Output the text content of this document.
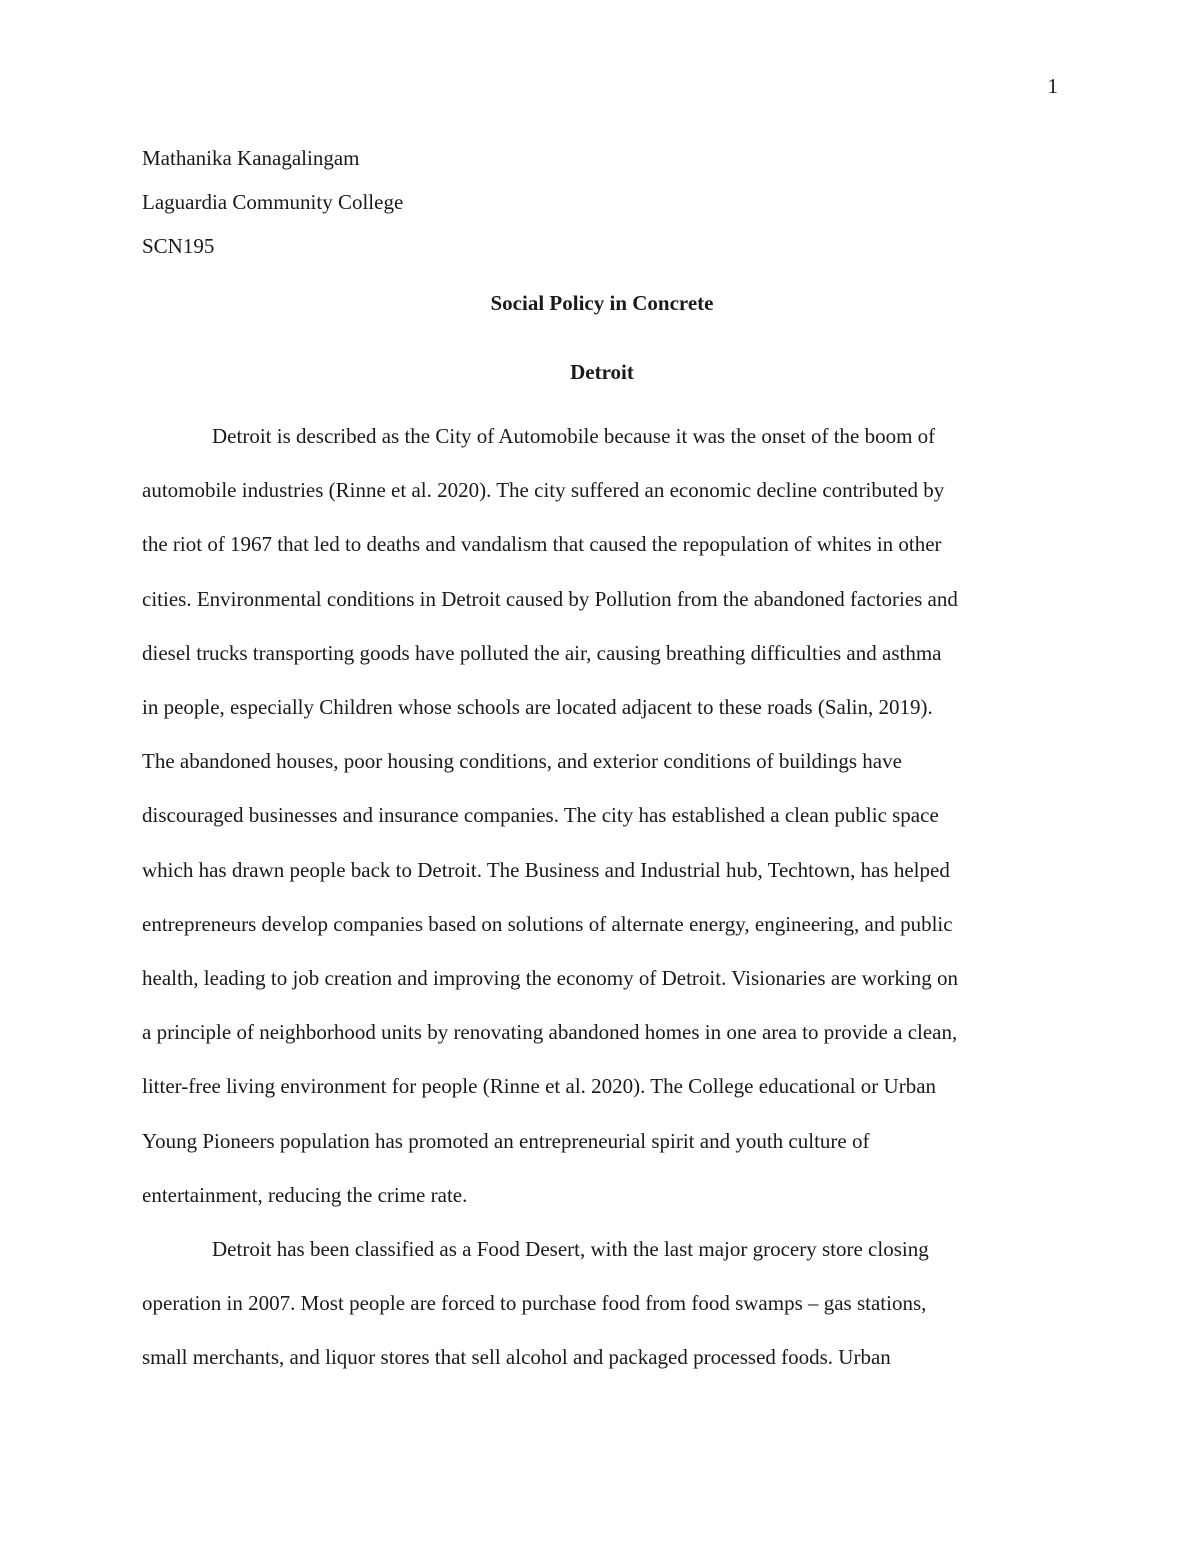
1
Mathanika Kanagalingam
Laguardia Community College
SCN195
Social Policy in Concrete
Detroit
Detroit is described as the City of Automobile because it was the onset of the boom of
automobile industries (Rinne et al. 2020). The city suffered an economic decline contributed by
the riot of 1967 that led to deaths and vandalism that caused the repopulation of whites in other
cities. Environmental conditions in Detroit caused by Pollution from the abandoned factories and
diesel trucks transporting goods have polluted the air, causing breathing difficulties and asthma
in people, especially Children whose schools are located adjacent to these roads (Salin, 2019).
The abandoned houses, poor housing conditions, and exterior conditions of buildings have
discouraged businesses and insurance companies. The city has established a clean public space
which has drawn people back to Detroit. The Business and Industrial hub, Techtown, has helped
entrepreneurs develop companies based on solutions of alternate energy, engineering, and public
health, leading to job creation and improving the economy of Detroit. Visionaries are working on
a principle of neighborhood units by renovating abandoned homes in one area to provide a clean,
litter-free living environment for people (Rinne et al. 2020). The College educational or Urban
Young Pioneers population has promoted an entrepreneurial spirit and youth culture of
entertainment, reducing the crime rate.
Detroit has been classified as a Food Desert, with the last major grocery store closing
operation in 2007. Most people are forced to purchase food from food swamps – gas stations,
small merchants, and liquor stores that sell alcohol and packaged processed foods. Urban
